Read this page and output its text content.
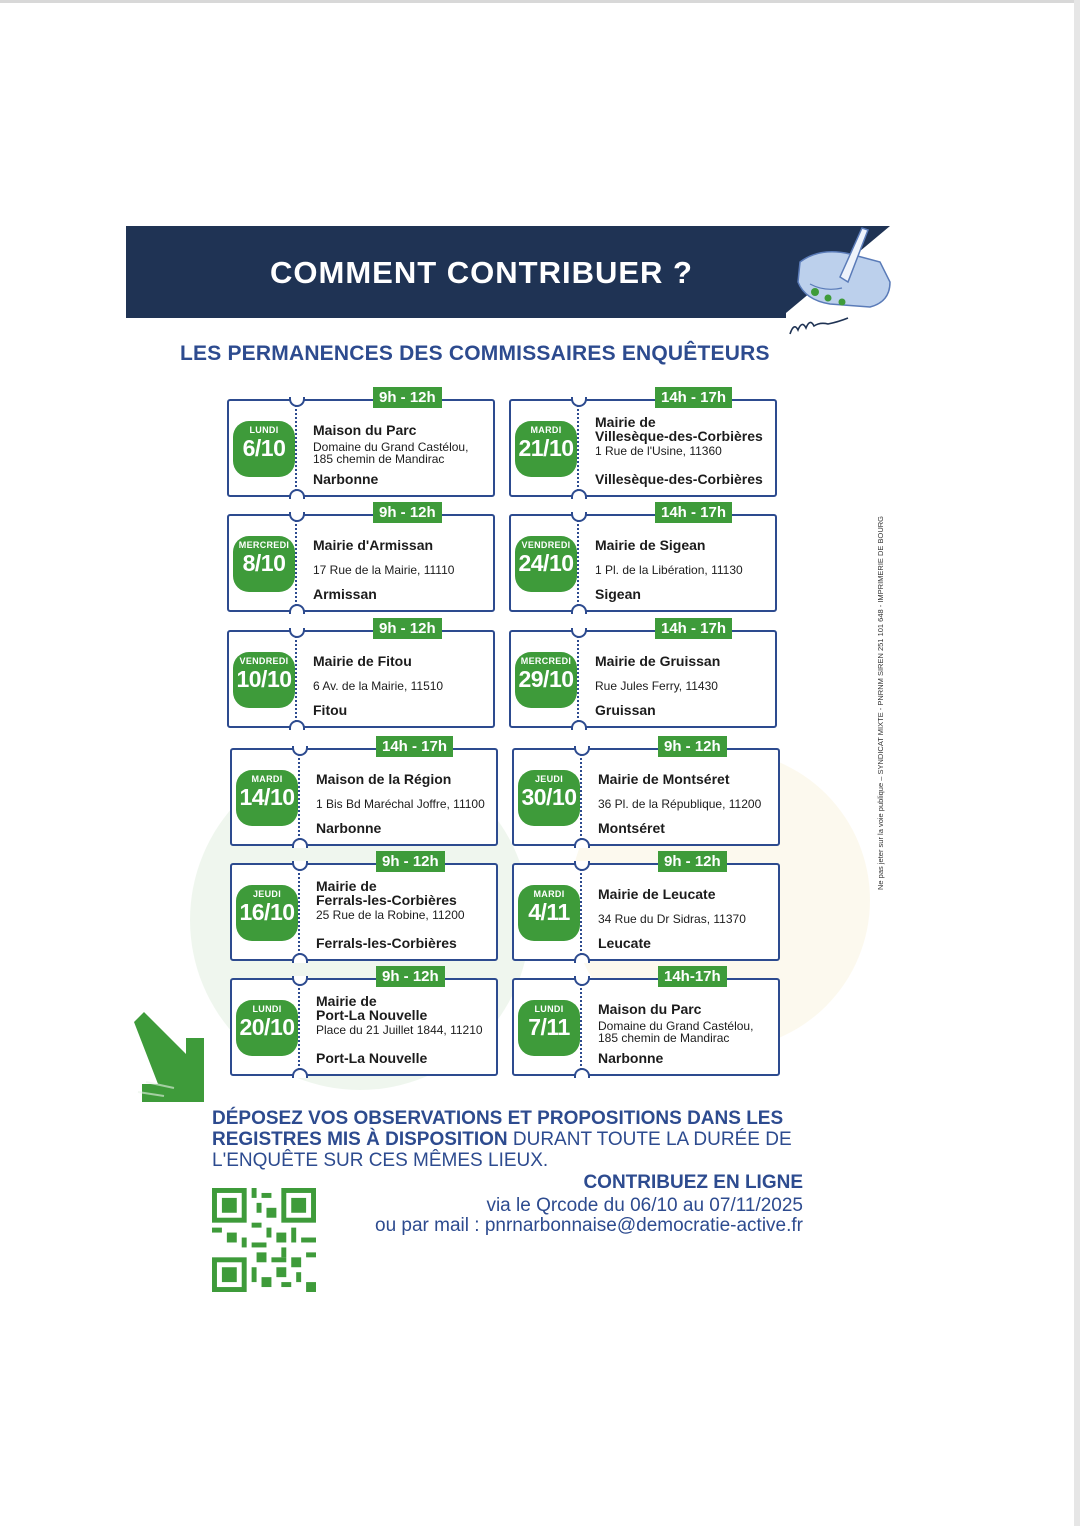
COMMENT CONTRIBUER ?
LES PERMANENCES DES COMMISSAIRES ENQUÊTEURS
LUNDI
6/10
9h - 12h
Maison du Parc
Domaine du Grand Castélou,
185 chemin de Mandirac
Narbonne
MARDI
21/10
14h - 17h
Mairie de
Villesèque-des-Corbières
1 Rue de l'Usine, 11360
Villesèque-des-Corbières
MERCREDI
8/10
9h - 12h
Mairie d'Armissan
17 Rue de la Mairie, 11110
Armissan
VENDREDI
24/10
14h - 17h
Mairie de Sigean
1 Pl. de la Libération, 11130
Sigean
VENDREDI
10/10
9h - 12h
Mairie de Fitou
6 Av. de la Mairie, 11510
Fitou
MERCREDI
29/10
14h - 17h
Mairie de Gruissan
Rue Jules Ferry, 11430
Gruissan
MARDI
14/10
14h - 17h
Maison de la Région
1 Bis Bd Maréchal Joffre, 11100
Narbonne
JEUDI
30/10
9h - 12h
Mairie de Montséret
36 Pl. de la République, 11200
Montséret
JEUDI
16/10
9h - 12h
Mairie de
Ferrals-les-Corbières
25 Rue de la Robine, 11200
Ferrals-les-Corbières
MARDI
4/11
9h - 12h
Mairie de Leucate
34 Rue du Dr Sidras, 11370
Leucate
LUNDI
20/10
9h - 12h
Mairie de
Port-La Nouvelle
Place du 21 Juillet 1844, 11210
Port-La Nouvelle
LUNDI
7/11
14h-17h
Maison du Parc
Domaine du Grand Castélou,
185 chemin de Mandirac
Narbonne
DÉPOSEZ VOS OBSERVATIONS ET PROPOSITIONS DANS LES REGISTRES MIS À DISPOSITION DURANT TOUTE LA DURÉE DE L'ENQUÊTE SUR CES MÊMES LIEUX.
CONTRIBUEZ EN LIGNE
via le Qrcode du 06/10 au 07/11/2025
ou par mail : pnrnarbonnaise@democratie-active.fr
Ne pas jeter sur la voie publique – SYNDICAT MIXTE - PNRNM SIREN 251 101 648 - IMPRIMERIE DE BOURG
